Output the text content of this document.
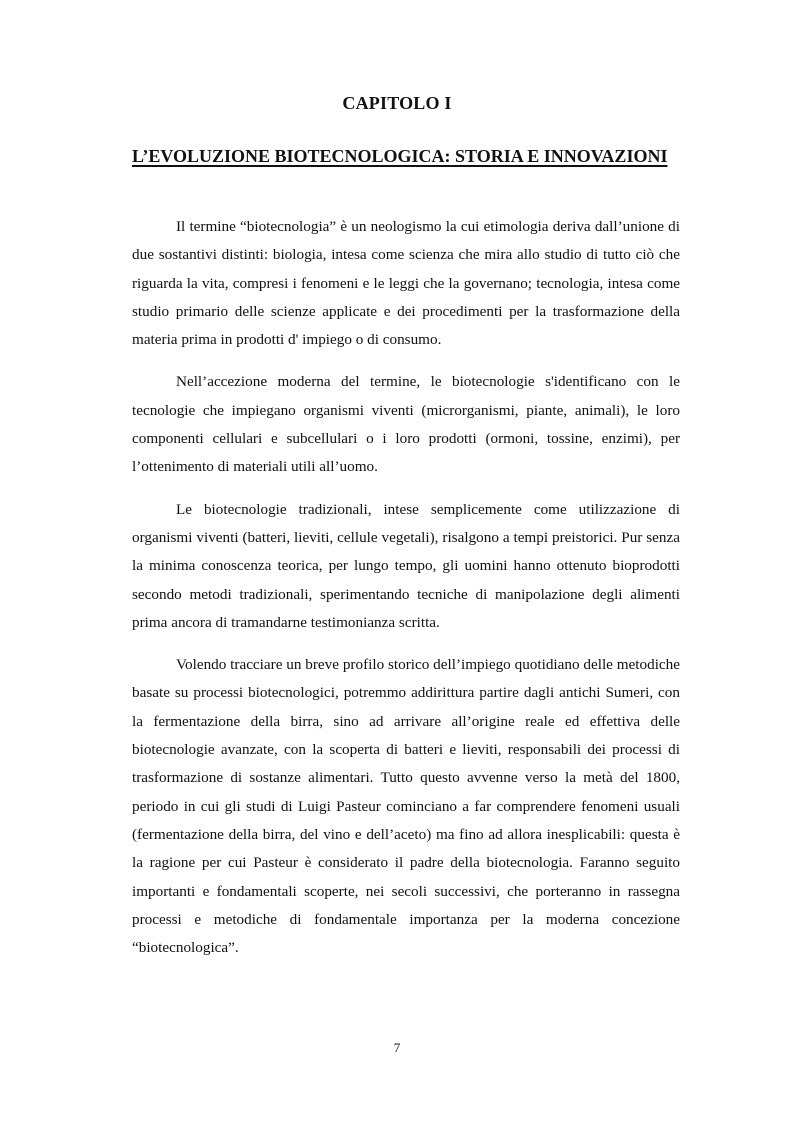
CAPITOLO I
L’EVOLUZIONE BIOTECNOLOGICA: STORIA E INNOVAZIONI

Il termine “biotecnologia” è un neologismo la cui etimologia deriva dall’unione di due sostantivi distinti: biologia, intesa come scienza che mira allo studio di tutto ciò che riguarda la vita, compresi i fenomeni e le leggi che la governano; tecnologia, intesa come studio primario delle scienze applicate e dei procedimenti per la trasformazione della materia prima in prodotti d' impiego o di consumo.

Nell’accezione moderna del termine, le biotecnologie s'identificano con le tecnologie che impiegano organismi viventi (microrganismi, piante, animali), le loro componenti cellulari e subcellulari o i loro prodotti (ormoni, tossine, enzimi), per l’ottenimento di materiali utili all’uomo.

Le biotecnologie tradizionali, intese semplicemente come utilizzazione di organismi viventi (batteri, lieviti, cellule vegetali), risalgono a tempi preistorici. Pur senza la minima conoscenza teorica, per lungo tempo, gli uomini hanno ottenuto bioprodotti secondo metodi tradizionali, sperimentando tecniche di manipolazione degli alimenti prima ancora di tramandarne testimonianza scritta.

Volendo tracciare un breve profilo storico dell’impiego quotidiano delle metodiche basate su processi biotecnologici, potremmo addirittura partire dagli antichi Sumeri, con la fermentazione della birra, sino ad arrivare all’origine reale ed effettiva delle biotecnologie avanzate, con la scoperta di batteri e lieviti, responsabili dei processi di trasformazione di sostanze alimentari. Tutto questo avvenne verso la metà del 1800, periodo in cui gli studi di Luigi Pasteur cominciano a far comprendere fenomeni usuali (fermentazione della birra, del vino e dell’aceto) ma fino ad allora inesplicabili: questa è la ragione per cui Pasteur è considerato il padre della biotecnologia. Faranno seguito importanti e fondamentali scoperte, nei secoli successivi, che porteranno in rassegna processi e metodiche di fondamentale importanza per la moderna concezione “biotecnologica”.

7
